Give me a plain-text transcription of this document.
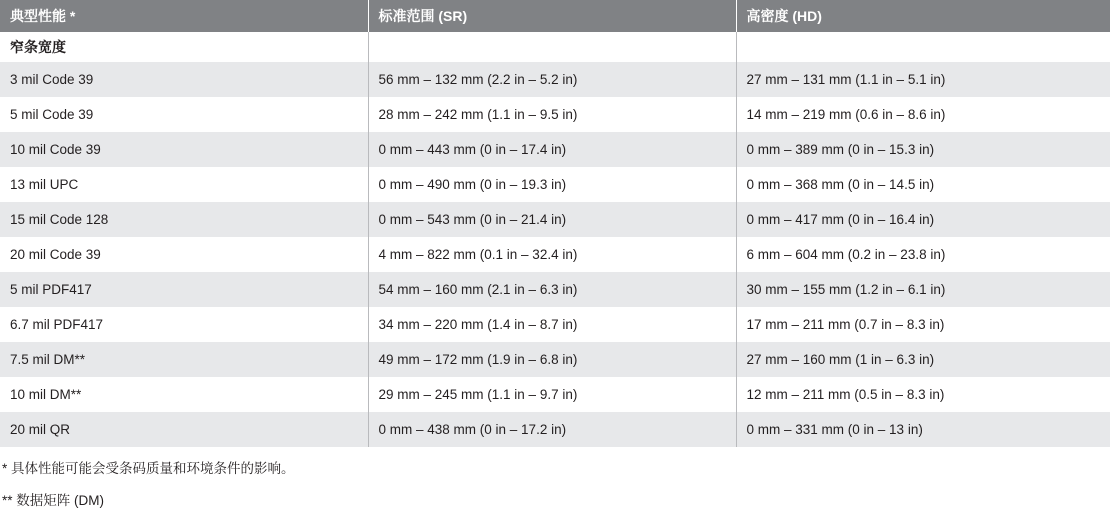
典型性能 *	标准范围 (SR)	高密度 (HD)
窄条宽度		
3 mil Code 39	56 mm – 132 mm (2.2 in – 5.2 in)	27 mm – 131 mm (1.1 in – 5.1 in)
5 mil Code 39	28 mm – 242 mm (1.1 in – 9.5 in)	14 mm – 219 mm (0.6 in – 8.6 in)
10 mil Code 39	0 mm – 443 mm (0 in – 17.4 in)	0 mm – 389 mm (0 in – 15.3 in)
13 mil UPC	0 mm – 490 mm (0 in – 19.3 in)	0 mm – 368 mm (0 in – 14.5 in)
15 mil Code 128	0 mm – 543 mm (0 in – 21.4 in)	0 mm – 417 mm (0 in – 16.4 in)
20 mil Code 39	4 mm – 822 mm (0.1 in – 32.4 in)	6 mm – 604 mm (0.2 in – 23.8 in)
5 mil PDF417	54 mm – 160 mm (2.1 in – 6.3 in)	30 mm – 155 mm (1.2 in – 6.1 in)
6.7 mil PDF417	34 mm – 220 mm (1.4 in – 8.7 in)	17 mm – 211 mm (0.7 in – 8.3 in)
7.5 mil DM**	49 mm – 172 mm (1.9 in – 6.8 in)	27 mm – 160 mm (1 in – 6.3 in)
10 mil DM**	29 mm – 245 mm (1.1 in – 9.7 in)	12 mm – 211 mm (0.5 in – 8.3 in)
20 mil QR	0 mm – 438 mm (0 in – 17.2 in)	0 mm – 331 mm (0 in – 13 in)

* 具体性能可能会受条码质量和环境条件的影响。

** 数据矩阵 (DM)
